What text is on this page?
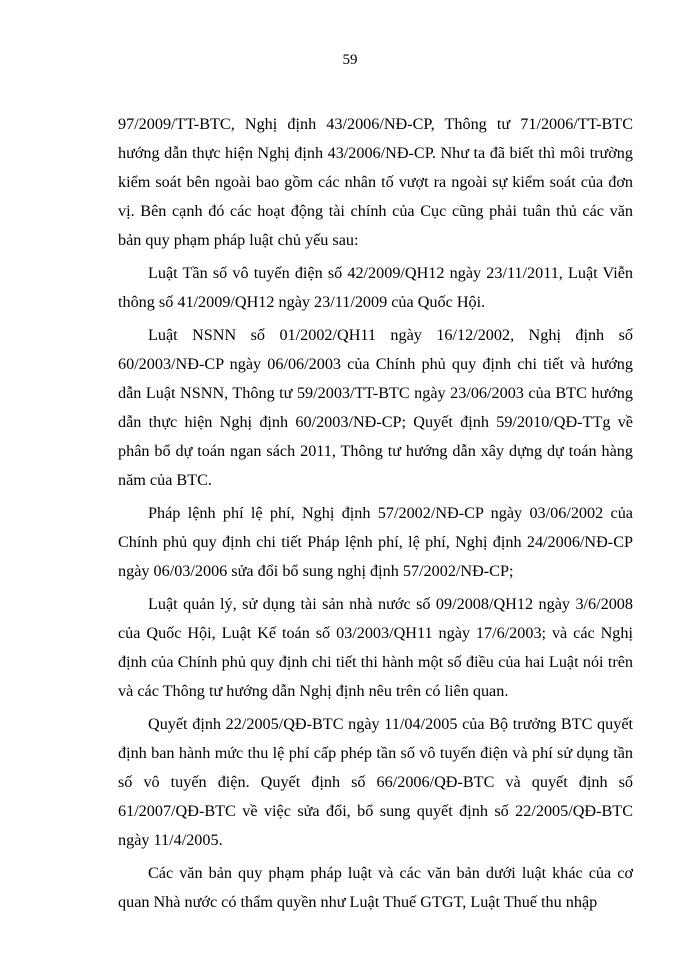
59

97/2009/TT-BTC, Nghị định 43/2006/NĐ-CP, Thông tư 71/2006/TT-BTC hướng dẫn thực hiện Nghị định 43/2006/NĐ-CP. Như ta đã biết thì môi trường kiểm soát bên ngoài bao gồm các nhân tố vượt ra ngoài sự kiểm soát của đơn vị. Bên cạnh đó các hoạt động tài chính của Cục cũng phải tuân thủ các văn bản quy phạm pháp luật chủ yếu sau:

Luật Tần số vô tuyến điện số 42/2009/QH12 ngày 23/11/2011, Luật Viễn thông số 41/2009/QH12 ngày 23/11/2009 của Quốc Hội.

Luật NSNN số 01/2002/QH11 ngày 16/12/2002, Nghị định số 60/2003/NĐ-CP ngày 06/06/2003 của Chính phủ quy định chi tiết và hướng dẫn Luật NSNN, Thông tư 59/2003/TT-BTC ngày 23/06/2003 của BTC hướng dẫn thực hiện Nghị định 60/2003/NĐ-CP; Quyết định 59/2010/QĐ-TTg về phân bổ dự toán ngan sách 2011, Thông tư hướng dẫn xây dựng dự toán hàng năm của BTC.

Pháp lệnh phí lệ phí, Nghị định 57/2002/NĐ-CP ngày 03/06/2002 của Chính phủ quy định chi tiết Pháp lệnh phí, lệ phí, Nghị định 24/2006/NĐ-CP ngày 06/03/2006 sửa đổi bổ sung nghị định 57/2002/NĐ-CP;

Luật quản lý, sử dụng tài sản nhà nước số 09/2008/QH12 ngày 3/6/2008 của Quốc Hội, Luật Kế toán số 03/2003/QH11 ngày 17/6/2003; và các Nghị định của Chính phủ quy định chi tiết thi hành một số điều của hai Luật nói trên và các Thông tư hướng dẫn Nghị định nêu trên có liên quan.

Quyết định 22/2005/QĐ-BTC ngày 11/04/2005 của Bộ trưởng BTC quyết định ban hành mức thu lệ phí cấp phép tần số vô tuyến điện và phí sử dụng tần số vô tuyến điện. Quyết định số 66/2006/QĐ-BTC và quyết định số 61/2007/QĐ-BTC về việc sửa đổi, bổ sung quyết định số 22/2005/QĐ-BTC ngày 11/4/2005.

Các văn bản quy phạm pháp luật và các văn bản dưới luật khác của cơ quan Nhà nước có thẩm quyền như Luật Thuế GTGT, Luật Thuế thu nhập
